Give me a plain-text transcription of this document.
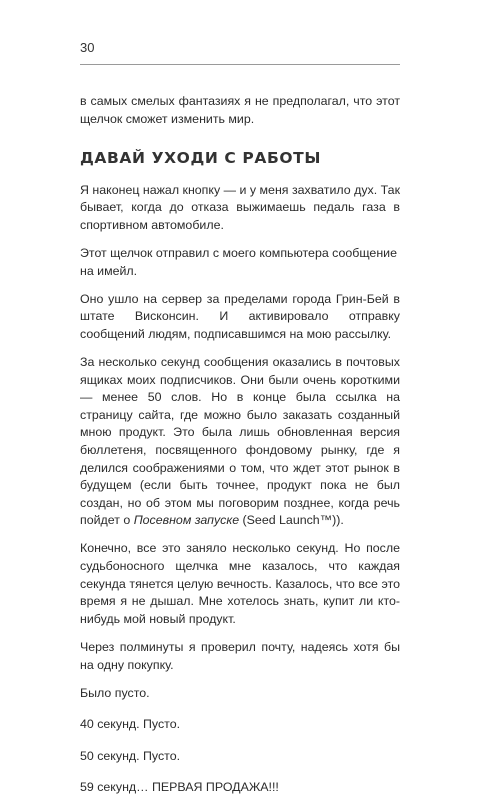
30

в самых смелых фантазиях я не предполагал, что этот щелчок сможет изменить мир.

ДАВАЙ УХОДИ С РАБОТЫ

Я наконец нажал кнопку — и у меня захватило дух. Так бывает, когда до отказа выжимаешь педаль газа в спортивном автомобиле.

Этот щелчок отправил с моего компьютера сообщение на имейл.

Оно ушло на сервер за пределами города Грин-Бей в штате Висконсин. И активировало отправку сообщений людям, подписавшимся на мою рассылку.

За несколько секунд сообщения оказались в почтовых ящиках моих подписчиков. Они были очень короткими — менее 50 слов. Но в конце была ссылка на страницу сайта, где можно было заказать созданный мною продукт. Это была лишь обновленная версия бюллетеня, посвященного фондовому рынку, где я делился соображениями о том, что ждет этот рынок в будущем (если быть точнее, продукт пока не был создан, но об этом мы поговорим позднее, когда речь пойдет о Посевном запуске (Seed Launch™)).

Конечно, все это заняло несколько секунд. Но после судьбоносного щелчка мне казалось, что каждая секунда тянется целую вечность. Казалось, что все это время я не дышал. Мне хотелось знать, купит ли кто-нибудь мой новый продукт.

Через полминуты я проверил почту, надеясь хотя бы на одну покупку.

Было пусто.

40 секунд. Пусто.

50 секунд. Пусто.

59 секунд… ПЕРВАЯ ПРОДАЖА!!!
